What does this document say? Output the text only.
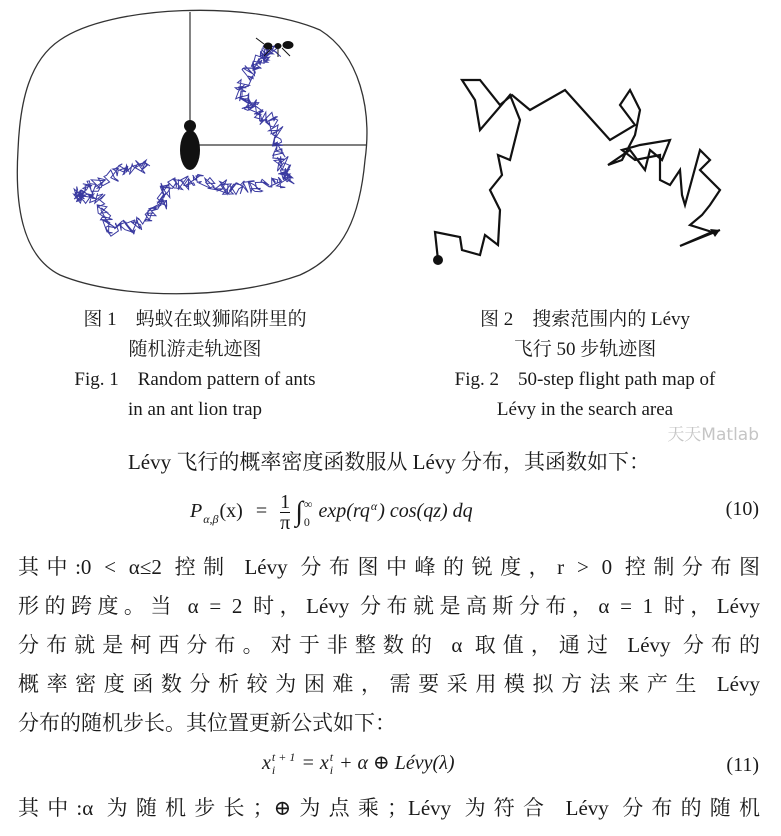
图 1　蚂蚁在蚁狮陷阱里的
随机游走轨迹图
Fig. 1　Random pattern of ants
in an ant lion trap
图 2　搜索范围内的 Lévy
飞行 50 步轨迹图
Fig. 2　50-step flight path map of
Lévy in the search area
天天Matlab
Lévy 飞行的概率密度函数服从 Lévy 分布，其函数如下：
P
α,β $(x) = \frac{1}{\pi}$ ∫ ∞
0 exp(rq α
) cos(qz) dq	(10)
其中:0 < α≤2 控制 Lévy 分布图中峰的锐度，r > 0 控制分布图
形的跨度。当 α = 2 时，Lévy 分布就是高斯分布，α = 1 时，Lévy
分布就是柯西分布。对于非整数的 α 取值，通过 Lévy 分布的
概率密度函数分析较为困难，需要采用模拟方法来产生 Lévy
分布的随机步长。其位置更新公式如下：
x t + 1
i	= x t
i + α ⊕ Lévy(λ)	(11)
其中:α 为随机步长；⊕为点乘；Lévy 为符合 Lévy 分布的随机
